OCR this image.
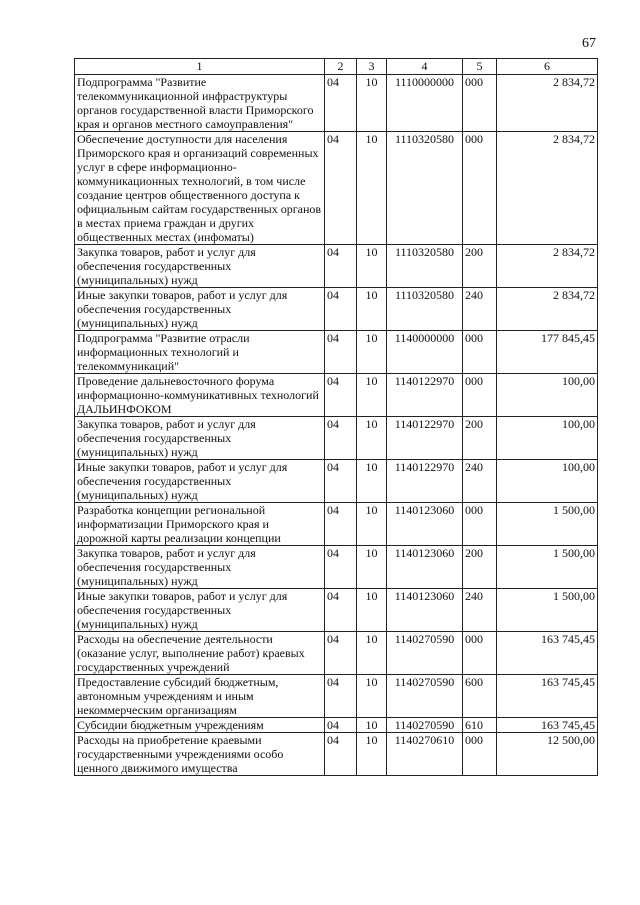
67
1	2	3	4	5	6
Подпрограмма "Развитие телекоммуникационной инфраструктуры органов государственной власти Приморского края и органов местного самоуправления"	04	10	1110000000	000	2 834,72
Обеспечение доступности для населения Приморского края и организаций современных услуг в сфере информационно-коммуникационных технологий, в том числе создание центров общественного доступа к официальным сайтам государственных органов в местах приема граждан и других общественных местах (инфоматы)	04	10	1110320580	000	2 834,72
Закупка товаров, работ и услуг для обеспечения государственных (муниципальных) нужд	04	10	1110320580	200	2 834,72
Иные закупки товаров, работ и услуг для обеспечения государственных (муниципальных) нужд	04	10	1110320580	240	2 834,72
Подпрограмма "Развитие отрасли информационных технологий и телекоммуникаций"	04	10	1140000000	000	177 845,45
Проведение дальневосточного форума информационно-коммуникативных технологий ДАЛЬИНФОКОМ	04	10	1140122970	000	100,00
Закупка товаров, работ и услуг для обеспечения государственных (муниципальных) нужд	04	10	1140122970	200	100,00
Иные закупки товаров, работ и услуг для обеспечения государственных (муниципальных) нужд	04	10	1140122970	240	100,00
Разработка концепции региональной информатизации Приморского края и дорожной карты реализации концепции	04	10	1140123060	000	1 500,00
Закупка товаров, работ и услуг для обеспечения государственных (муниципальных) нужд	04	10	1140123060	200	1 500,00
Иные закупки товаров, работ и услуг для обеспечения государственных (муниципальных) нужд	04	10	1140123060	240	1 500,00
Расходы на обеспечение деятельности (оказание услуг, выполнение работ) краевых государственных учреждений	04	10	1140270590	000	163 745,45
Предоставление субсидий бюджетным, автономным учреждениям и иным некоммерческим организациям	04	10	1140270590	600	163 745,45
Субсидии бюджетным учреждениям	04	10	1140270590	610	163 745,45
Расходы на приобретение краевыми государственными учреждениями особо ценного движимого имущества	04	10	1140270610	000	12 500,00
